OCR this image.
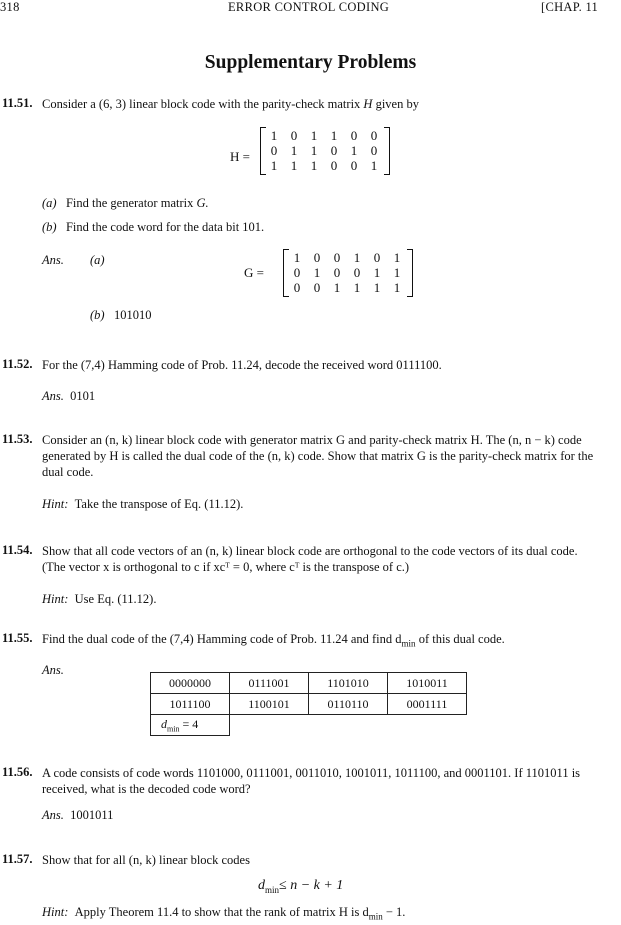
318	ERROR CONTROL CODING	[CHAP. 11
Supplementary Problems
11.51. Consider a (6, 3) linear block code with the parity-check matrix H given by
H =
1 0 1 1 0 0
0 1 1 0 1 0
1 1 1 0 0 1
(a) Find the generator matrix G.
(b) Find the code word for the data bit 101.
Ans. (a)
G =
1 0 0 1 0 1
0 1 0 0 1 1
0 0 1 1 1 1
(b) 101010
11.52. For the (7,4) Hamming code of Prob. 11.24, decode the received word 0111100.
Ans. 0101
11.53. Consider an (n, k) linear block code with generator matrix G and parity-check matrix H. The (n, n − k) code
generated by H is called the dual code of the (n, k) code. Show that matrix G is the parity-check matrix for the
dual code.
Hint: Take the transpose of Eq. (11.12).
11.54. Show that all code vectors of an (n, k) linear block code are orthogonal to the code vectors of its dual code.
(The vector x is orthogonal to c if xcᵀ = 0, where cᵀ is the transpose of c.)
Hint: Use Eq. (11.12).
11.55. Find the dual code of the (7,4) Hamming code of Prob. 11.24 and find $d_{min}$ of this dual code.
Ans.
0000000	0111001	1101010	1010011
1011100	1100101	0110110	0001111
$d_{min} = 4$			
11.56. A code consists of code words 1101000, 0111001, 0011010, 1001011, 1011100, and 0001101. If 1101011 is
received, what is the decoded code word?
Ans. 1001011
11.57. Show that for all (n, k) linear block codes
$d_{min}\le n - k + 1$
Hint: Apply Theorem 11.4 to show that the rank of matrix H is $d_{min} - 1$.
